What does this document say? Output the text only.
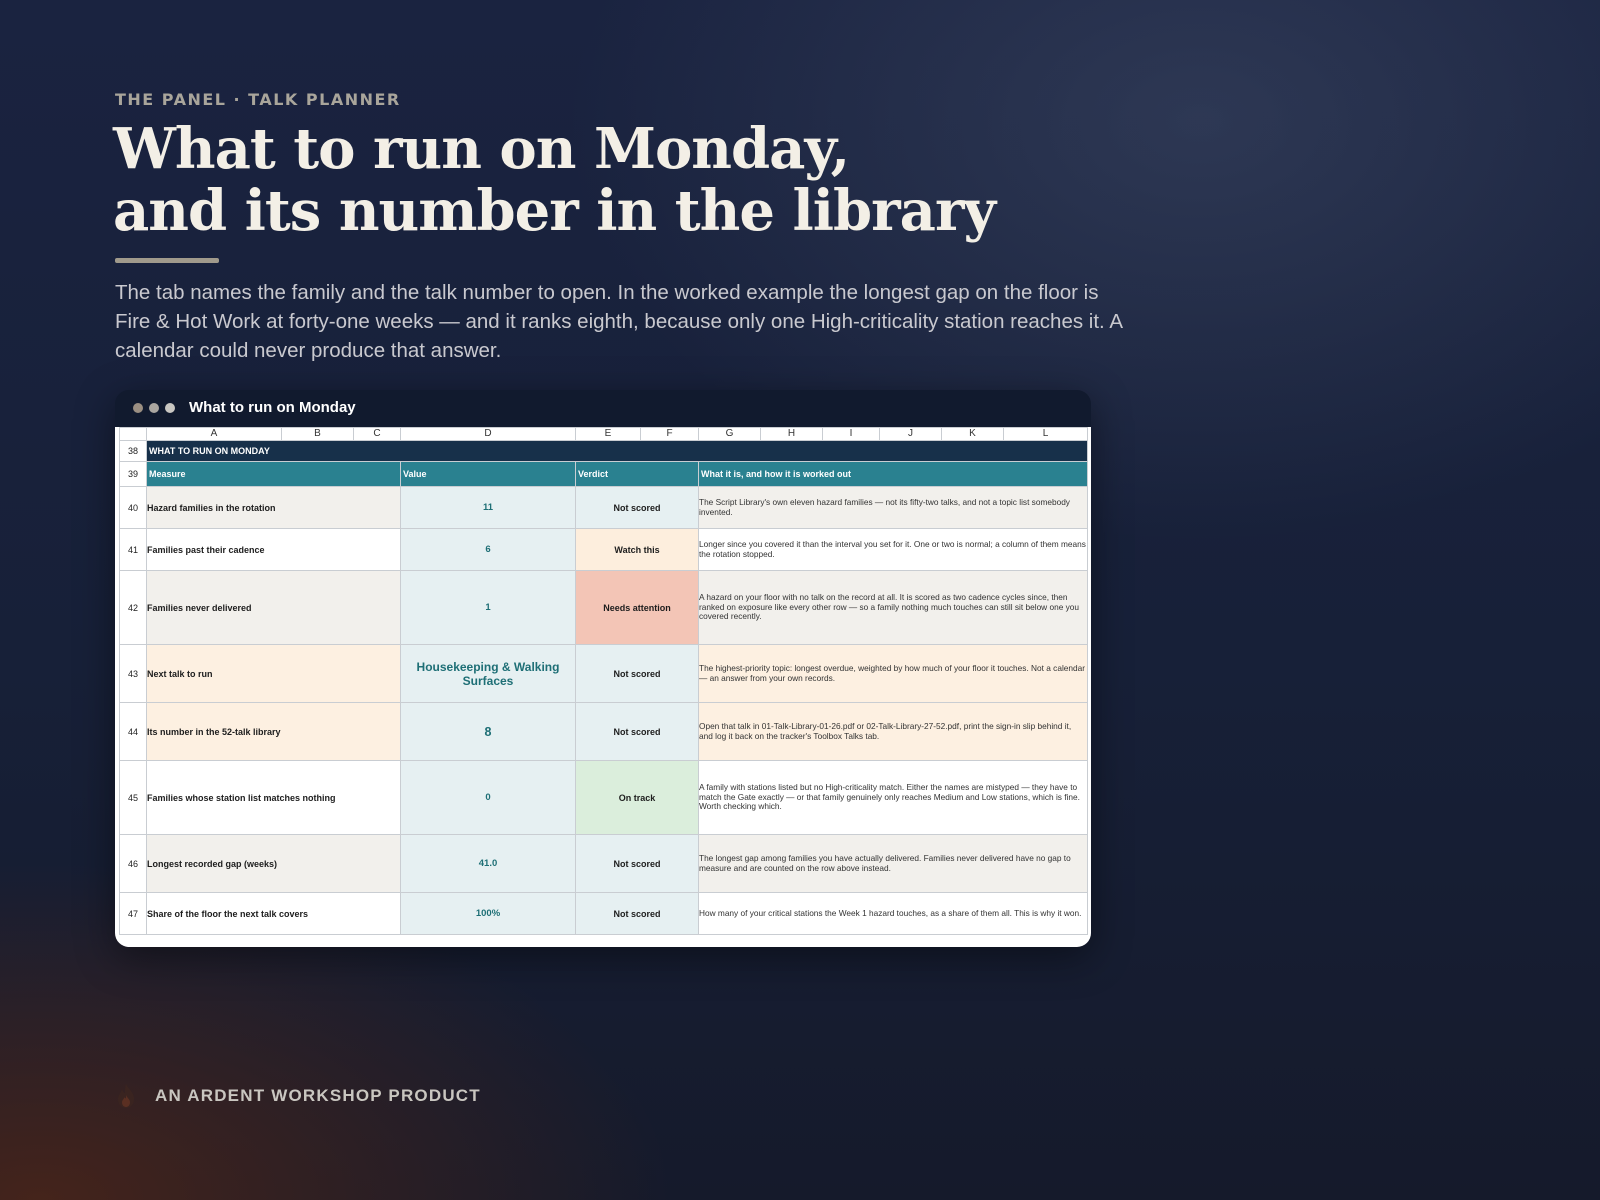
THE PANEL · TALK PLANNER
What to run on Monday,
and its number in the library

The tab names the family and the talk number to open. In the worked example the longest gap on the floor is Fire & Hot Work at forty-one weeks — and it ranks eighth, because only one High-criticality station reaches it. A calendar could never produce that answer.

What to run on Monday
	A	B	C	D	E	F	G	H	I	J	K	L
38	WHAT TO RUN ON MONDAY											
39	Measure			Value	Verdict		What it is, and how it is worked out					
40	Hazard families in the rotation			11	Not scored		The Script Library's own eleven hazard families — not its fifty-two talks, and not a topic list somebody invented.					
41	Families past their cadence			6	Watch this		Longer since you covered it than the interval you set for it. One or two is normal; a column of them means the rotation stopped.					
42	Families never delivered			1	Needs attention		A hazard on your floor with no talk on the record at all. It is scored as two cadence cycles since, then ranked on exposure like every other row — so a family nothing much touches can still sit below one you covered recently.					
43	Next talk to run			Housekeeping & Walking Surfaces	Not scored		The highest-priority topic: longest overdue, weighted by how much of your floor it touches. Not a calendar — an answer from your own records.					
44	Its number in the 52-talk library			8	Not scored		Open that talk in 01-Talk-Library-01-26.pdf or 02-Talk-Library-27-52.pdf, print the sign-in slip behind it, and log it back on the tracker's Toolbox Talks tab.					
45	Families whose station list matches nothing			0	On track		A family with stations listed but no High-criticality match. Either the names are mistyped — they have to match the Gate exactly — or that family genuinely only reaches Medium and Low stations, which is fine. Worth checking which.					
46	Longest recorded gap (weeks)			41.0	Not scored		The longest gap among families you have actually delivered. Families never delivered have no gap to measure and are counted on the row above instead.					
47	Share of the floor the next talk covers			100%	Not scored		How many of your critical stations the Week 1 hazard touches, as a share of them all. This is why it won.					
AN ARDENT WORKSHOP PRODUCT
